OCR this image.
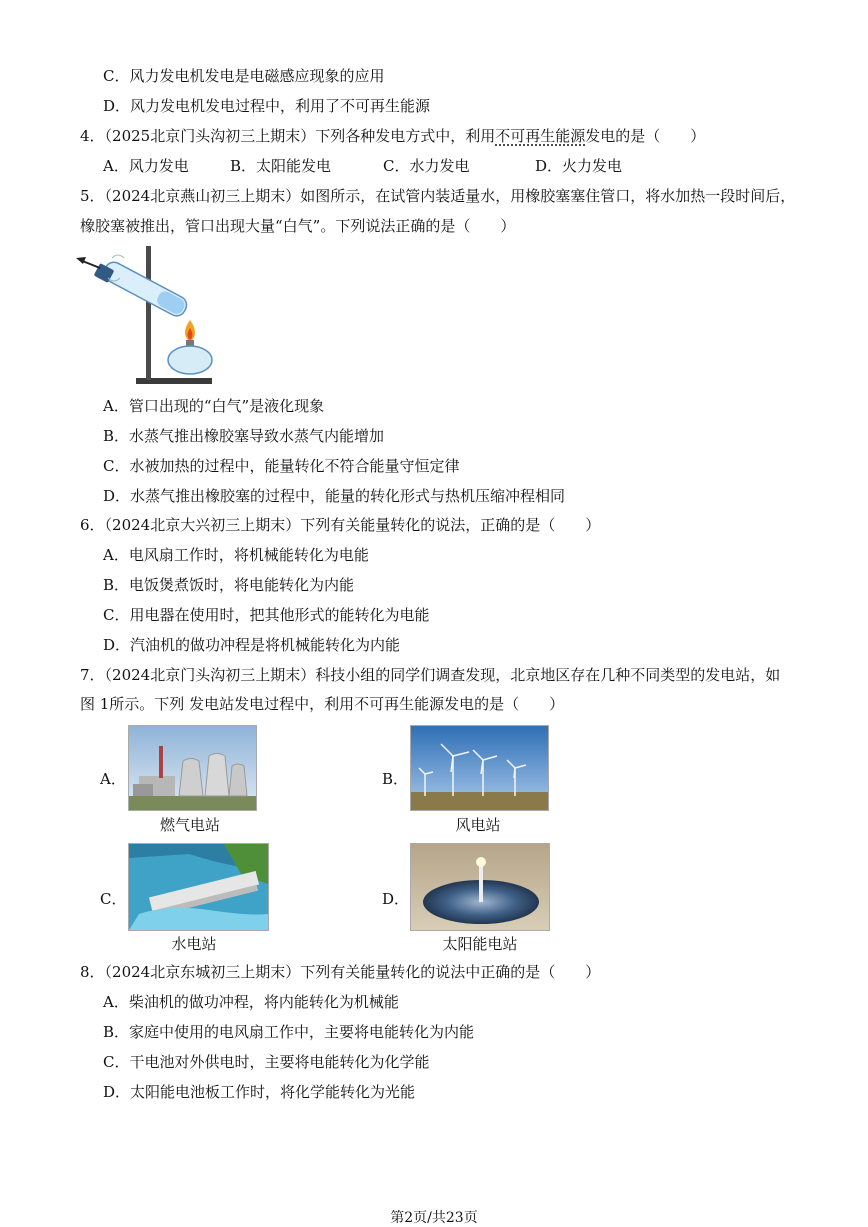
C．风力发电机发电是电磁感应现象的应用
D．风力发电机发电过程中，利用了不可再生能源
4．（2025北京门头沟初三上期末）下列各种发电方式中，利用不可再生能源发电的是（　　）
A．风力发电	B．太阳能发电	C．水力发电	D．火力发电
5．（2024北京燕山初三上期末）如图所示，在试管内装适量水，用橡胶塞塞住管口，将水加热一段时间后，
橡胶塞被推出，管口出现大量“白气”。下列说法正确的是（　　）
A．管口出现的“白气”是液化现象
B．水蒸气推出橡胶塞导致水蒸气内能增加
C．水被加热的过程中，能量转化不符合能量守恒定律
D．水蒸气推出橡胶塞的过程中，能量的转化形式与热机压缩冲程相同
6．（2024北京大兴初三上期末）下列有关能量转化的说法，正确的是（　　）
A．电风扇工作时，将机械能转化为电能
B．电饭煲煮饭时，将电能转化为内能
C．用电器在使用时，把其他形式的能转化为电能
D．汽油机的做功冲程是将机械能转化为内能
7．（2024北京门头沟初三上期末）科技小组的同学们调查发现，北京地区存在几种不同类型的发电站，如
图 1所示。下列 发电站发电过程中，利用不可再生能源发电的是（　　）
A．
燃气电站
B．
风电站
C．
水电站
D．
太阳能电站
8．（2024北京东城初三上期末）下列有关能量转化的说法中正确的是（　　）
A．柴油机的做功冲程，将内能转化为机械能
B．家庭中使用的电风扇工作中，主要将电能转化为内能
C．干电池对外供电时，主要将电能转化为化学能
D．太阳能电池板工作时，将化学能转化为光能
第2页/共23页
